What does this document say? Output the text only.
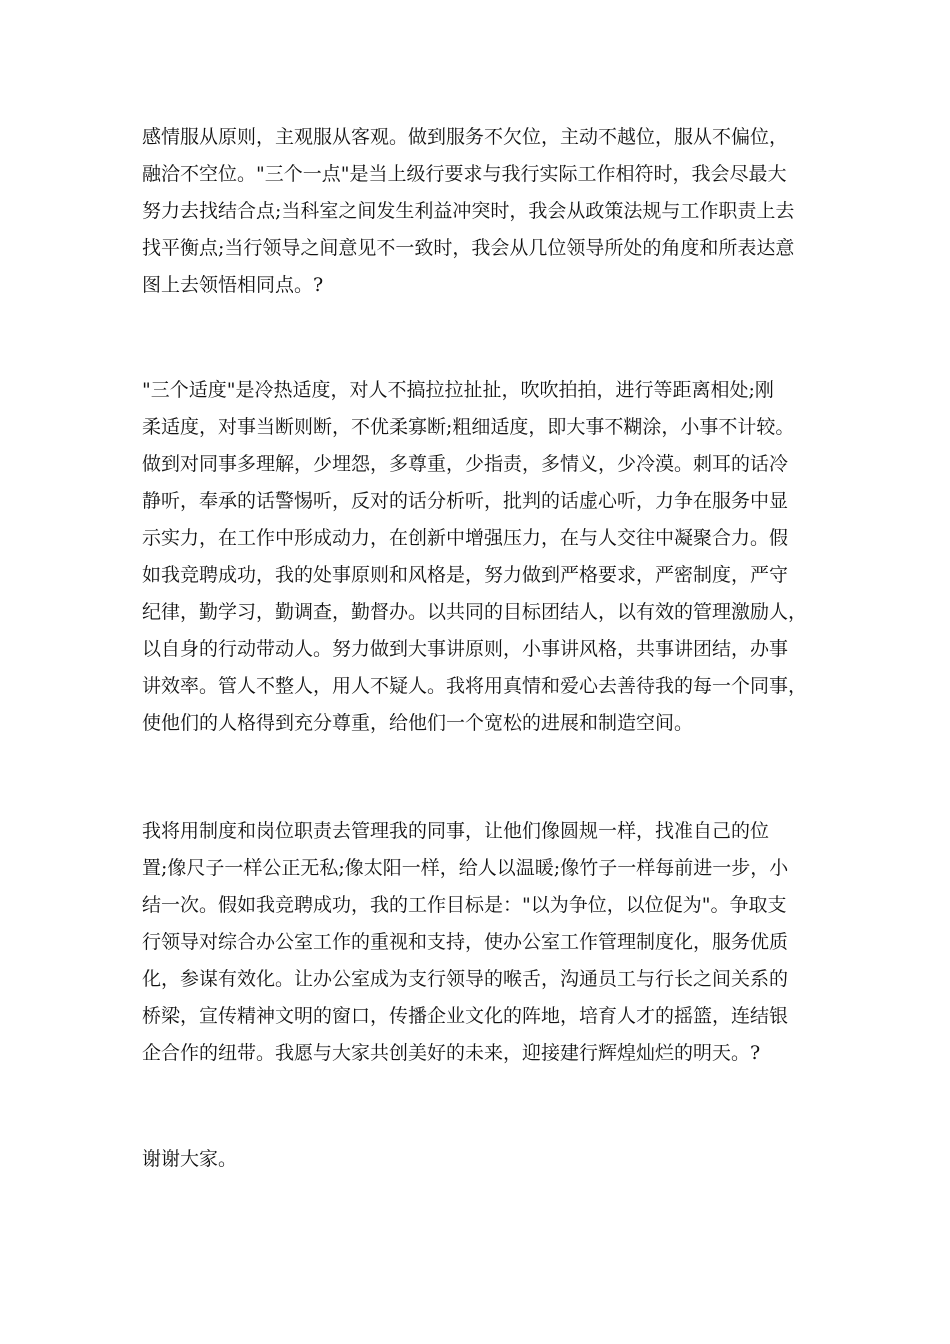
感情服从原则，主观服从客观。做到服务不欠位，主动不越位，服从不偏位，
融洽不空位。"三个一点"是当上级行要求与我行实际工作相符时，我会尽最大
努力去找结合点;当科室之间发生利益冲突时，我会从政策法规与工作职责上去
找平衡点;当行领导之间意见不一致时，我会从几位领导所处的角度和所表达意
图上去领悟相同点。?
"三个适度"是冷热适度，对人不搞拉拉扯扯，吹吹拍拍，进行等距离相处;刚
柔适度，对事当断则断，不优柔寡断;粗细适度，即大事不糊涂，小事不计较。
做到对同事多理解，少埋怨，多尊重，少指责，多情义，少冷漠。刺耳的话冷
静听，奉承的话警惕听，反对的话分析听，批判的话虚心听，力争在服务中显
示实力，在工作中形成动力，在创新中增强压力，在与人交往中凝聚合力。假
如我竞聘成功，我的处事原则和风格是，努力做到严格要求，严密制度，严守
纪律，勤学习，勤调查，勤督办。以共同的目标团结人，以有效的管理激励人，
以自身的行动带动人。努力做到大事讲原则，小事讲风格，共事讲团结，办事
讲效率。管人不整人，用人不疑人。我将用真情和爱心去善待我的每一个同事，
使他们的人格得到充分尊重，给他们一个宽松的进展和制造空间。
我将用制度和岗位职责去管理我的同事，让他们像圆规一样，找准自己的位
置;像尺子一样公正无私;像太阳一样，给人以温暖;像竹子一样每前进一步，小
结一次。假如我竞聘成功，我的工作目标是："以为争位，以位促为"。争取支
行领导对综合办公室工作的重视和支持，使办公室工作管理制度化，服务优质
化，参谋有效化。让办公室成为支行领导的喉舌，沟通员工与行长之间关系的
桥梁，宣传精神文明的窗口，传播企业文化的阵地，培育人才的摇篮，连结银
企合作的纽带。我愿与大家共创美好的未来，迎接建行辉煌灿烂的明天。?
谢谢大家。
